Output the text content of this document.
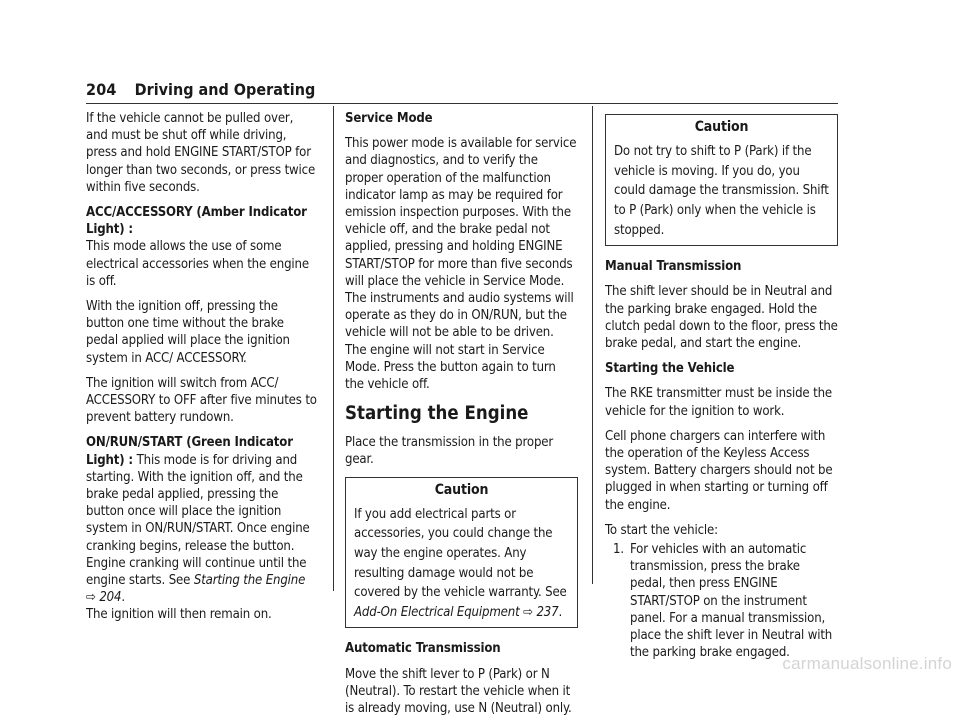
204 Driving and Operating

If the vehicle cannot be pulled over, and must be shut off while driving, press and hold ENGINE START/STOP for longer than two seconds, or press twice within five seconds.

ACC/ACCESSORY (Amber Indicator Light) :
This mode allows the use of some electrical accessories when the engine is off.

With the ignition off, pressing the button one time without the brake pedal applied will place the ignition system in ACC/ ACCESSORY.

The ignition will switch from ACC/ ACCESSORY to OFF after five minutes to prevent battery rundown.

ON/RUN/START (Green Indicator Light) : This mode is for driving and starting. With the ignition off, and the brake pedal applied, pressing the button once will place the ignition system in ON/RUN/START. Once engine cranking begins, release the button. Engine cranking will continue until the engine starts. See Starting the Engine ⇨ 204.
The ignition will then remain on.

Service Mode

This power mode is available for service and diagnostics, and to verify the proper operation of the malfunction indicator lamp as may be required for emission inspection purposes. With the vehicle off, and the brake pedal not applied, pressing and holding ENGINE START/STOP for more than five seconds will place the vehicle in Service Mode. The instruments and audio systems will operate as they do in ON/RUN, but the vehicle will not be able to be driven. The engine will not start in Service Mode. Press the button again to turn the vehicle off.

Starting the Engine

Place the transmission in the proper gear.

Caution

If you add electrical parts or accessories, you could change the way the engine operates. Any resulting damage would not be covered by the vehicle warranty. See Add-On Electrical Equipment ⇨ 237.

Automatic Transmission

Move the shift lever to P (Park) or N (Neutral). To restart the vehicle when it is already moving, use N (Neutral) only.

Caution

Do not try to shift to P (Park) if the vehicle is moving. If you do, you could damage the transmission. Shift to P (Park) only when the vehicle is stopped.

Manual Transmission

The shift lever should be in Neutral and the parking brake engaged. Hold the clutch pedal down to the floor, press the brake pedal, and start the engine.

Starting the Vehicle

The RKE transmitter must be inside the vehicle for the ignition to work.

Cell phone chargers can interfere with the operation of the Keyless Access system. Battery chargers should not be plugged in when starting or turning off the engine.

To start the vehicle:

1. For vehicles with an automatic transmission, press the brake pedal, then press ENGINE START/STOP on the instrument panel. For a manual transmission, place the shift lever in Neutral with the parking brake engaged.
carmanualsonline.info
